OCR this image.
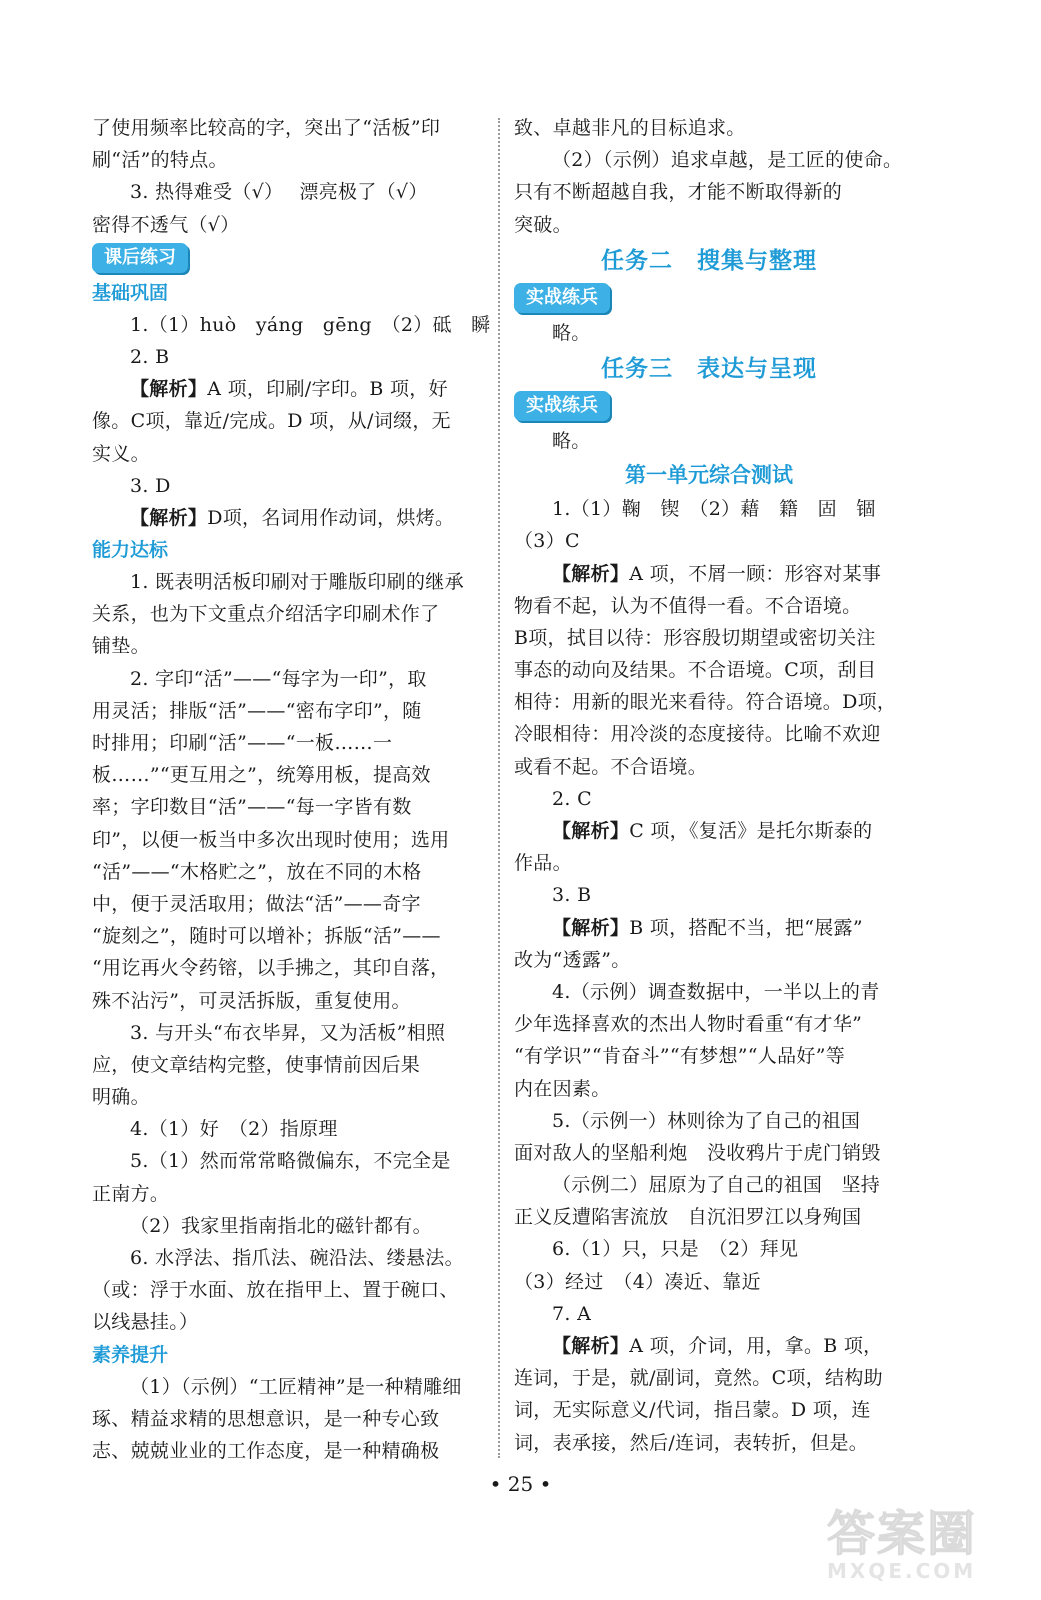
了使用频率比较高的字，突出了“活板”印
刷“活”的特点。
3. 热得难受（√）　 漂亮极了（√）
密得不透气（√）
课后练习
基础巩固
1.（1）huò　yáng　gēng　（2）砥　瞬
2. B
【解析】A 项，印刷/字印。B 项，好
像。C项，靠近/完成。D 项，从/词缀，无
实义。
3. D
【解析】D项，名词用作动词，烘烤。
能力达标
1. 既表明活板印刷对于雕版印刷的继承
关系，也为下文重点介绍活字印刷术作了
铺垫。
2. 字印“活”——“每字为一印”，取
用灵活；排版“活”——“密布字印”，随
时排用；印刷“活”——“一板……一
板……”“更互用之”，统筹用板，提高效
率；字印数目“活”——“每一字皆有数
印”，以便一板当中多次出现时使用；选用
“活”——“木格贮之”，放在不同的木格
中，便于灵活取用；做法“活”——奇字
“旋刻之”，随时可以增补；拆版“活”——
“用讫再火令药镕，以手拂之，其印自落，
殊不沾污”，可灵活拆版，重复使用。
3. 与开头“布衣毕昇，又为活板”相照
应，使文章结构完整，使事情前因后果
明确。
4.（1）好　（2）指原理
5.（1）然而常常略微偏东，不完全是
正南方。
（2）我家里指南指北的磁针都有。
6. 水浮法、指爪法、碗沿法、缕悬法。
（或：浮于水面、放在指甲上、置于碗口、
以线悬挂。）
素养提升
（1）（示例）“工匠精神”是一种精雕细
琢、精益求精的思想意识，是一种专心致
志、兢兢业业的工作态度，是一种精确极
致、卓越非凡的目标追求。
（2）（示例）追求卓越，是工匠的使命。
只有不断超越自我，才能不断取得新的
突破。
任务二　搜集与整理
实战练兵
略。
任务三　表达与呈现
实战练兵
略。
第一单元综合测试
1.（1）鞠　锲　（2）藉　籍　固　锢
（3）C
【解析】A 项，不屑一顾：形容对某事
物看不起，认为不值得一看。不合语境。
B项，拭目以待：形容殷切期望或密切关注
事态的动向及结果。不合语境。C项，刮目
相待：用新的眼光来看待。符合语境。D项，
冷眼相待：用冷淡的态度接待。比喻不欢迎
或看不起。不合语境。
2. C
【解析】C 项，《复活》是托尔斯泰的
作品。
3. B
【解析】B 项，搭配不当，把“展露”
改为“透露”。
4.（示例）调查数据中，一半以上的青
少年选择喜欢的杰出人物时看重“有才华”
“有学识”“肯奋斗”“有梦想”“人品好”等
内在因素。
5.（示例一）林则徐为了自己的祖国
面对敌人的坚船利炮　没收鸦片于虎门销毁
（示例二）屈原为了自己的祖国　坚持
正义反遭陷害流放　自沉汨罗江以身殉国
6.（1）只，只是　（2）拜见
（3）经过　（4）凑近、靠近
7. A
【解析】A 项，介词，用，拿。B 项，
连词，于是，就/副词，竟然。C项，结构助
词，无实际意义/代词，指吕蒙。D 项，连
词，表承接，然后/连词，表转折，但是。
• 25 •
答案圈
MXQE.COM
